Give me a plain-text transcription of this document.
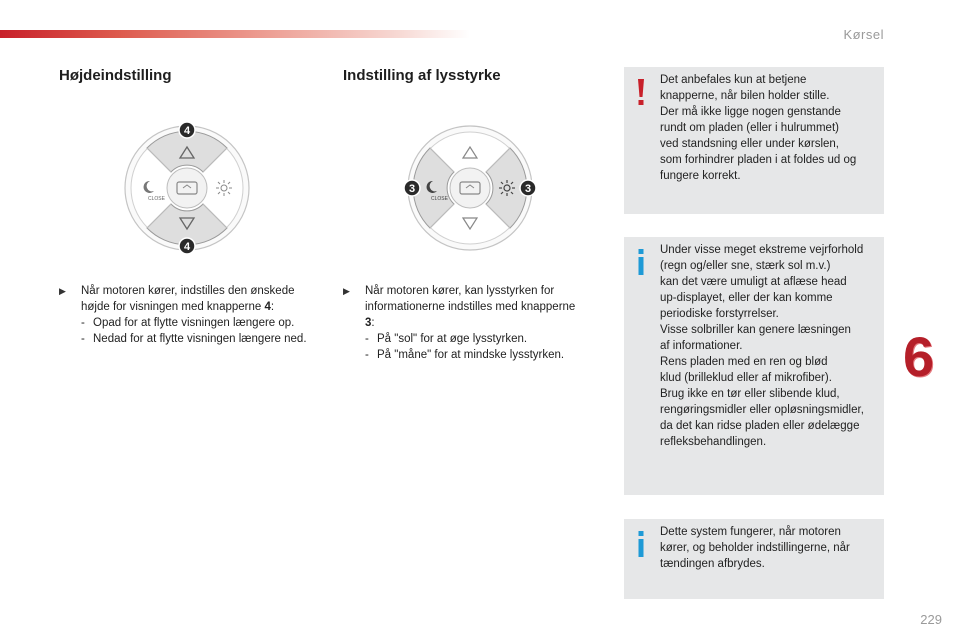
Kørsel
Højdeindstilling
CLOSE
4
4
▶ Når motoren kører, indstilles den ønskede højde for visningen med knapperne 4:
- Opad for at flytte visningen længere op.
- Nedad for at flytte visningen længere ned.
Indstilling af lysstyrke
CLOSE
3	3
▶ Når motoren kører, kan lysstyrken for informationerne indstilles med knapperne 3:
- På "sol" for at øge lysstyrken.
- På "måne" for at mindske lysstyrken.

Det anbefales kun at betjene

knapperne, når bilen holder stille.

Der må ikke ligge nogen genstande

rundt om pladen (eller i hulrummet)

ved standsning eller under kørslen,

som forhindrer pladen i at foldes ud og

fungere korrekt.

Under visse meget ekstreme vejrforhold

(regn og/eller sne, stærk sol m.v.)

kan det være umuligt at aflæse head

up-displayet, eller der kan komme

periodiske forstyrrelser.

Visse solbriller kan genere læsningen

af informationer.

Rens pladen med en ren og blød

klud (brilleklud eller af mikrofiber).

Brug ikke en tør eller slibende klud,

rengøringsmidler eller opløsningsmidler,

da det kan ridse pladen eller ødelægge

refleksbehandlingen.

Dette system fungerer, når motoren

kører, og beholder indstillingerne, når

tændingen afbrydes.

6
229
